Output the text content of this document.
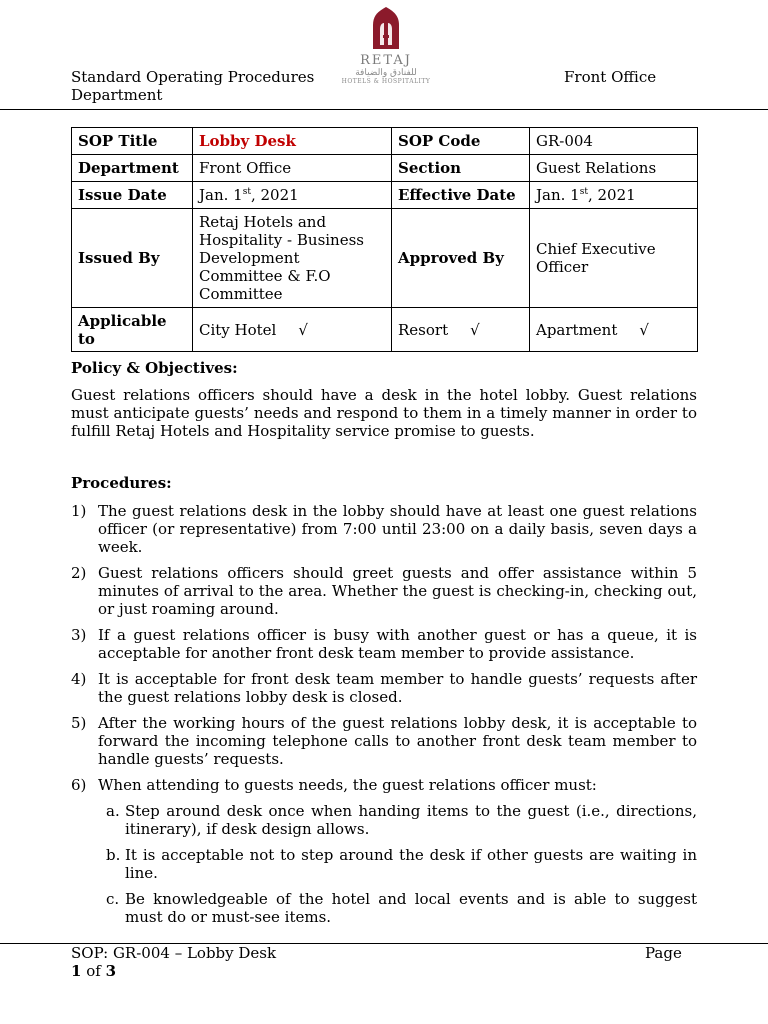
Standard Operating Procedures
Department
RETAJ
للفنادق والضيافة
HOTELS & HOSPITALITY	Front Office
SOP Title	Lobby Desk	SOP Code	GR-004
Department	Front Office	Section	Guest Relations
Issue Date	Jan. 1st, 2021	Effective Date	Jan. 1st, 2021
Issued By	Retaj Hotels and Hospitality - Business Development Committee & F.O Committee	Approved By	Chief Executive Officer
Applicable to	City Hotel √	Resort √	Apartment √
Policy & Objectives:
Guest relations officers should have a desk in the hotel lobby. Guest relations must anticipate guests’ needs and respond to them in a timely manner in order to fulfill Retaj Hotels and Hospitality service promise to guests.
Procedures:
1) The guest relations desk in the lobby should have at least one guest relations officer (or representative) from 7:00 until 23:00 on a daily basis, seven days a week.
2) Guest relations officers should greet guests and offer assistance within 5 minutes of arrival to the area. Whether the guest is checking-in, checking out, or just roaming around.
3) If a guest relations officer is busy with another guest or has a queue, it is acceptable for another front desk team member to provide assistance.
4) It is acceptable for front desk team member to handle guests’ requests after the guest relations lobby desk is closed.
5) After the working hours of the guest relations lobby desk, it is acceptable to forward the incoming telephone calls to another front desk team member to handle guests’ requests.
6) When attending to guests needs, the guest relations officer must:
a. Step around desk once when handing items to the guest (i.e., directions, itinerary), if desk design allows.
b. It is acceptable not to step around the desk if other guests are waiting in line.
c. Be knowledgeable of the hotel and local events and is able to suggest must do or must-see items.
SOP: GR-004 – Lobby Desk
1 of 3
Page
